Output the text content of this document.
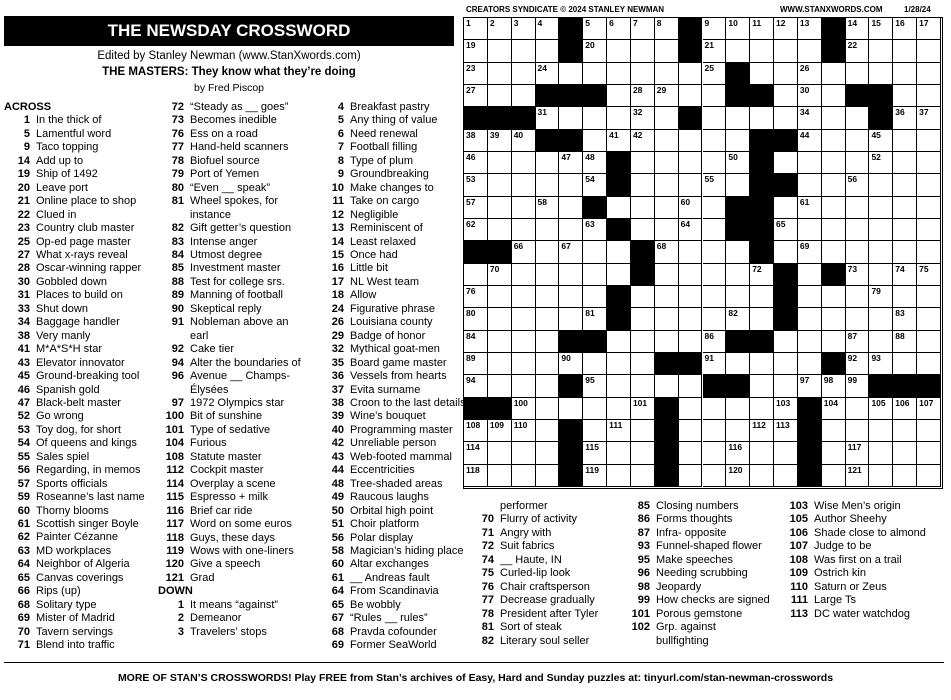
THE NEWSDAY CROSSWORD
Edited by Stanley Newman (www.StanXwords.com)
THE MASTERS: They know what they’re doing
by Fred Piscop
CREATORS SYNDICATE © 2024 STANLEY NEWMAN	WWW.STANXWORDS.COM	1/28/24
1 2 3 4	5 6 7 8	9 10 11 12 13	14 15 16 17
19	20	21	22
23	24	25	26
27	28 29	30
31	32	34	36 37
38 39 40	41 42	44	45
46	47 48	50	52
53	54	55	56
57	58	60	61
62	63	64	65
66	67	68	69
70	72	73	74 75
76	79
80	81	82	83
84	86	87	88
89	90	91	92 93
94	95	97 98 99
100	101	103	104	105 106 107
108 109 110	111	112 113
114	115	116	117
118	119	120	121
ACROSS
1 In the thick of
5 Lamentful word
9 Taco topping
14 Add up to
19 Ship of 1492
20 Leave port
21 Online place to shop
22 Clued in
23 Country club master
25 Op-ed page master
27 What x-rays reveal
28 Oscar-winning rapper
30 Gobbled down
31 Places to build on
33 Shut down
34 Baggage handler
38 Very manly
41 M*A*S*H star
43 Elevator innovator
45 Ground-breaking tool
46 Spanish gold
47 Black-belt master
52 Go wrong
53 Toy dog, for short
54 Of queens and kings
55 Sales spiel
56 Regarding, in memos
57 Sports officials
59 Roseanne’s last name
60 Thorny blooms
61 Scottish singer Boyle
62 Painter Cézanne
63 MD workplaces
64 Neighbor of Algeria
65 Canvas coverings
66 Rips (up)
68 Solitary type
69 Mister of Madrid
70 Tavern servings
71 Blend into traffic
72 “Steady as __ goes”
73 Becomes inedible
76 Ess on a road
77 Hand-held scanners
78 Biofuel source
79 Port of Yemen
80 “Even __ speak”
81 Wheel spokes, for
instance
82 Gift getter’s question
83 Intense anger
84 Utmost degree
85 Investment master
88 Test for college srs.
89 Manning of football
90 Skeptical reply
91 Nobleman above an
earl
92 Cake tier
94 Alter the boundaries of
96 Avenue __ Champs-
Élysées
97 1972 Olympics star
100 Bit of sunshine
101 Type of sedative
104 Furious
108 Statute master
112 Cockpit master
114 Overplay a scene
115 Espresso + milk
116 Brief car ride
117 Word on some euros
118 Guys, these days
119 Wows with one-liners
120 Give a speech
121 Grad
DOWN
1 It means “against”
2 Demeanor
3 Travelers’ stops
4 Breakfast pastry
5 Any thing of value
6 Need renewal
7 Football filling
8 Type of plum
9 Groundbreaking
10 Make changes to
11 Take on cargo
12 Negligible
13 Reminiscent of
14 Least relaxed
15 Once had
16 Little bit
17 NL West team
18 Allow
24 Figurative phrase
26 Louisiana county
29 Badge of honor
32 Mythical goat-men
35 Board game master
36 Vessels from hearts
37 Evita surname
38 Croon to the last details
39 Wine’s bouquet
40 Programming master
42 Unreliable person
43 Web-footed mammal
44 Eccentricities
48 Tree-shaded areas
49 Raucous laughs
50 Orbital high point
51 Choir platform
56 Polar display
58 Magician’s hiding place
60 Altar exchanges
61 __ Andreas fault
64 From Scandinavia
65 Be wobbly
67 “Rules __ rules”
68 Pravda cofounder
69 Former SeaWorld
performer
70 Flurry of activity
71 Angry with
72 Suit fabrics
74 __ Haute, IN
75 Curled-lip look
76 Chair craftsperson
77 Decrease gradually
78 President after Tyler
81 Sort of steak
82 Literary soul seller
85 Closing numbers
86 Forms thoughts
87 Infra- opposite
93 Funnel-shaped flower
95 Make speeches
96 Needing scrubbing
98 Jeopardy
99 How checks are signed
101 Porous gemstone
102 Grp. against
bullfighting
103 Wise Men’s origin
105 Author Sheehy
106 Shade close to almond
107 Judge to be
108 Was first on a trail
109 Ostrich kin
110 Saturn or Zeus
111 Large Ts
113 DC water watchdog
MORE OF STAN’S CROSSWORDS! Play FREE from Stan’s archives of Easy, Hard and Sunday puzzles at: tinyurl.com/stan-newman-crosswords
